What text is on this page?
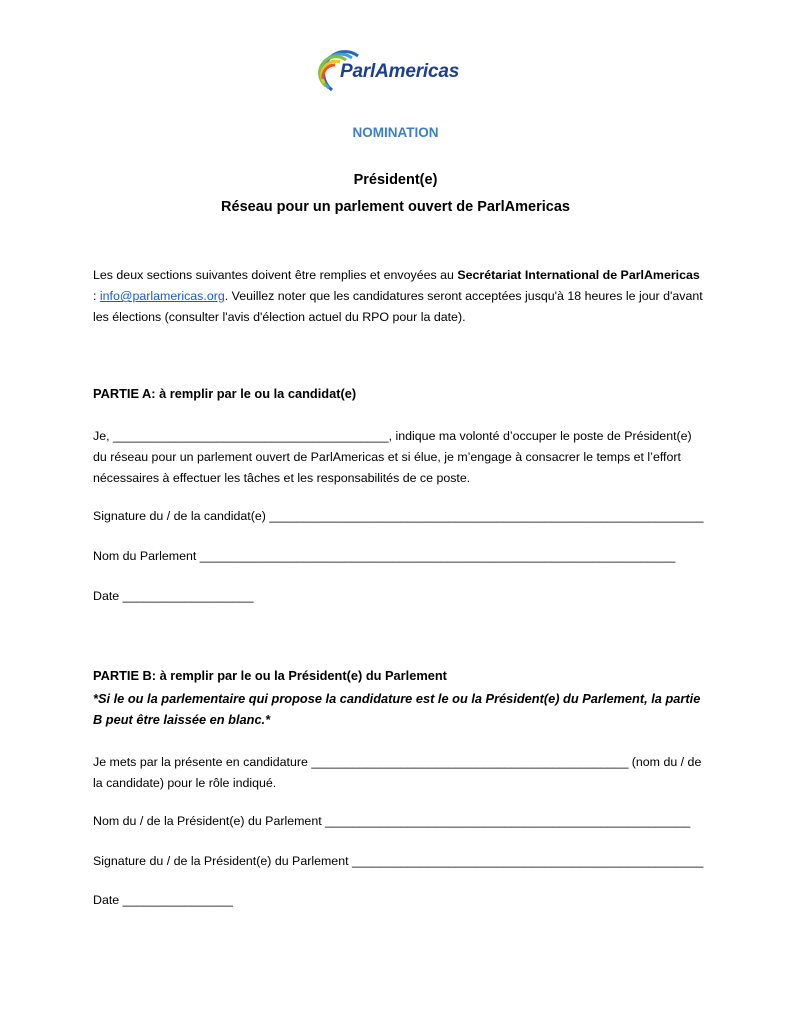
ParlAmericas
NOMINATION
Président(e)
Réseau pour un parlement ouvert de ParlAmericas
Les deux sections suivantes doivent être remplies et envoyées au Secrétariat International de ParlAmericas : info@parlamericas.org. Veuillez noter que les candidatures seront acceptées jusqu'à 18 heures le jour d'avant les élections (consulter l'avis d'élection actuel du RPO pour la date).
PARTIE A: à remplir par le ou la candidat(e)
Je, ________________________________________, indique ma volonté d’occuper le poste de Président(e) du réseau pour un parlement ouvert de ParlAmericas et si élue, je m’engage à consacrer le temps et l’effort nécessaires à effectuer les tâches et les responsabilités de ce poste.
Signature du / de la candidat(e) _______________________________________________________________
Nom du Parlement _____________________________________________________________________
Date ___________________
PARTIE B: à remplir par le ou la Président(e) du Parlement
*Si le ou la parlementaire qui propose la candidature est le ou la Président(e) du Parlement, la partie B peut être laissée en blanc.*
Je mets par la présente en candidature ______________________________________________ (nom du / de la candidate) pour le rôle indiqué.
Nom du / de la Président(e) du Parlement _____________________________________________________
Signature du / de la Président(e) du Parlement ___________________________________________________
Date ________________
